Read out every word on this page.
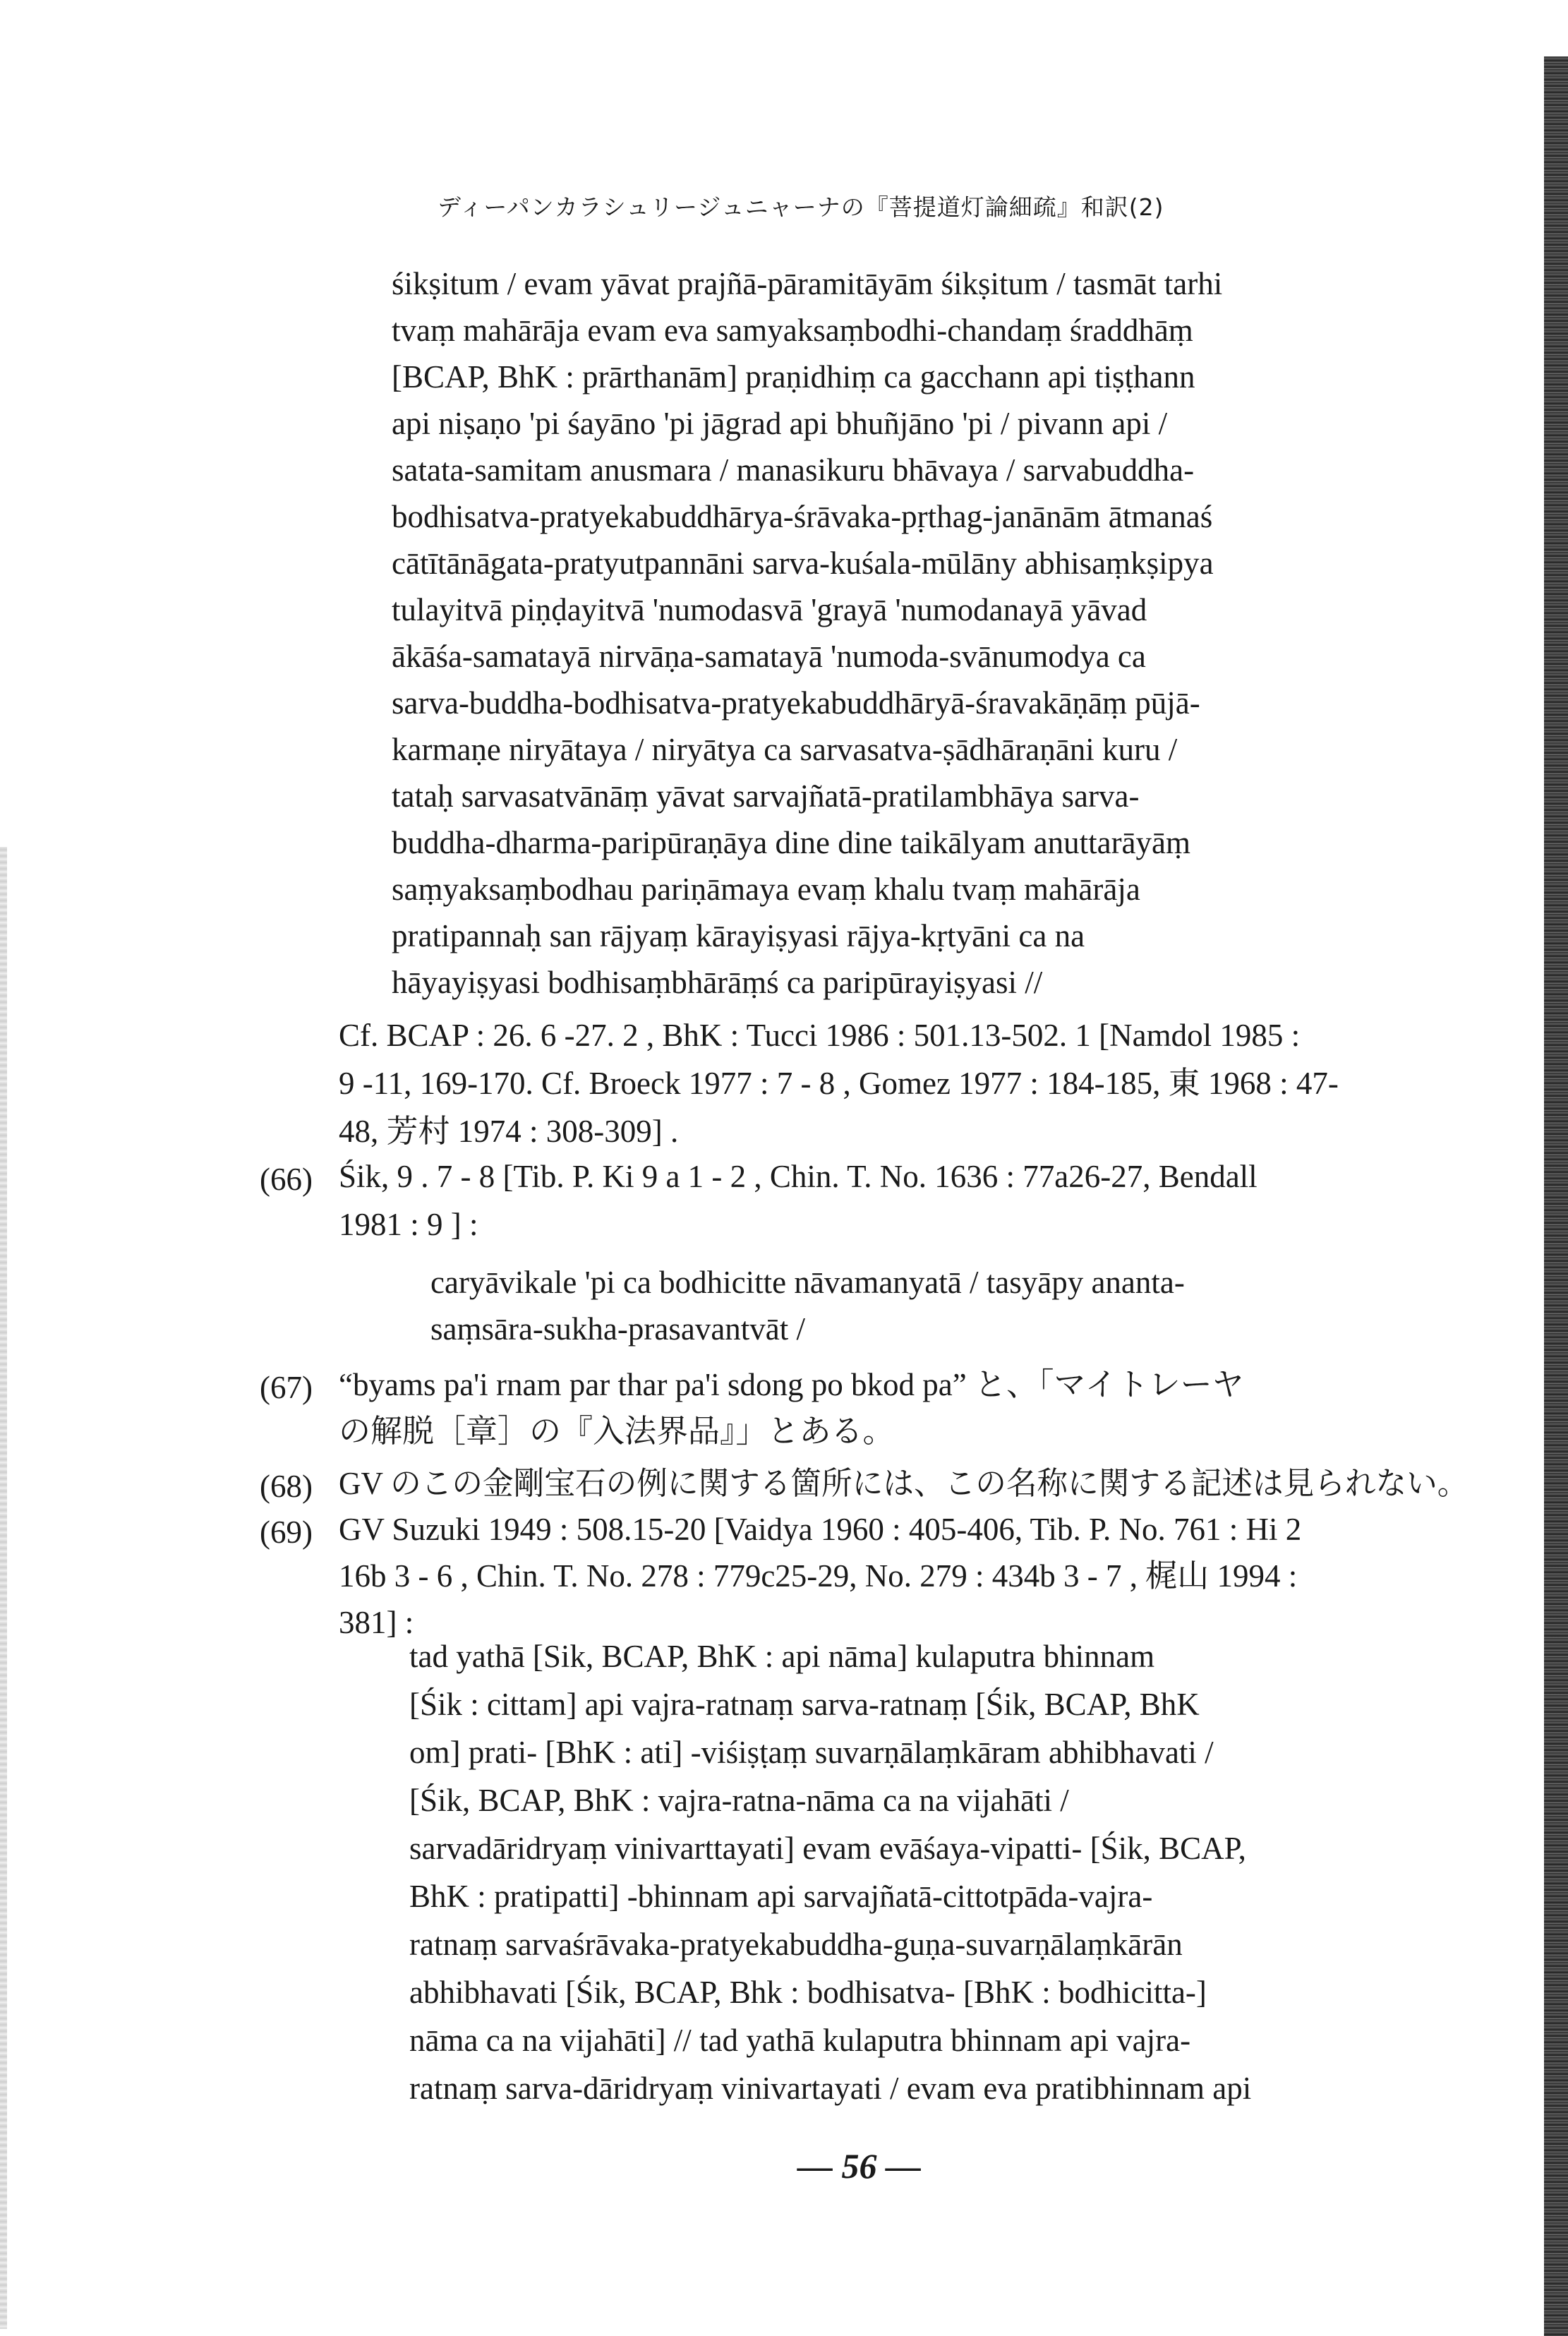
ディーパンカラシュリージュニャーナの『菩提道灯論細疏』和訳(2)
śikṣitum / evam yāvat prajñā-pāramitāyām śikṣitum / tasmāt tarhi
tvaṃ mahārāja evam eva samyaksaṃbodhi-chandaṃ śraddhāṃ
[BCAP, BhK : prārthanām] praṇidhiṃ ca gacchann api tiṣṭhann
api niṣaṇo 'pi śayāno 'pi jāgrad api bhuñjāno 'pi / pivann api /
satata-samitam anusmara / manasikuru bhāvaya / sarvabuddha-
bodhisatva-pratyekabuddhārya-śrāvaka-pṛthag-janānām ātmanaś
cātītānāgata-pratyutpannāni sarva-kuśala-mūlāny abhisaṃkṣipya
tulayitvā piṇḍayitvā 'numodasvā 'grayā 'numodanayā yāvad
ākāśa-samatayā nirvāṇa-samatayā 'numoda-svānumodya ca
sarva-buddha-bodhisatva-pratyekabuddhāryā-śravakāṇāṃ pūjā-
karmaṇe niryātaya / niryātya ca sarvasatva-ṣādhāraṇāni kuru /
tataḥ sarvasatvānāṃ yāvat sarvajñatā-pratilambhāya sarva-
buddha-dharma-paripūraṇāya dine dine taikālyam anuttarāyāṃ
saṃyaksaṃbodhau pariṇāmaya evaṃ khalu tvaṃ mahārāja
pratipannaḥ san rājyaṃ kārayiṣyasi rājya-kṛtyāni ca na
hāyayiṣyasi bodhisaṃbhārāṃś ca paripūrayiṣyasi //
Cf. BCAP : 26. 6 -27. 2 , BhK : Tucci 1986 : 501.13-502. 1 [Namdol 1985 :
9 -11, 169-170. Cf. Broeck 1977 : 7 - 8 , Gomez 1977 : 184-185, 東 1968 : 47-
48, 芳村 1974 : 308-309] .
(66) Śik, 9 . 7 - 8 [Tib. P. Ki 9 a 1 - 2 , Chin. T. No. 1636 : 77a26-27, Bendall
1981 : 9 ] :
caryāvikale 'pi ca bodhicitte nāvamanyatā / tasyāpy ananta-
saṃsāra-sukha-prasavantvāt /
(67) “byams pa'i rnam par thar pa'i sdong po bkod pa” と、「マイトレーヤ
の解脱［章］の『入法界品』」とある。
(68) GV のこの金剛宝石の例に関する箇所には、この名称に関する記述は見られない。
(69) GV Suzuki 1949 : 508.15-20 [Vaidya 1960 : 405-406, Tib. P. No. 761 : Hi 2
16b 3 - 6 , Chin. T. No. 278 : 779c25-29, No. 279 : 434b 3 - 7 , 梶山 1994 :
381] :
tad yathā [Sik, BCAP, BhK : api nāma] kulaputra bhinnam
[Śik : cittam] api vajra-ratnaṃ sarva-ratnaṃ [Śik, BCAP, BhK
om] prati- [BhK : ati] -viśiṣṭaṃ suvarṇālaṃkāram abhibhavati /
[Śik, BCAP, BhK : vajra-ratna-nāma ca na vijahāti /
sarvadāridryaṃ vinivarttayati] evam evāśaya-vipatti- [Śik, BCAP,
BhK : pratipatti] -bhinnam api sarvajñatā-cittotpāda-vajra-
ratnaṃ sarvaśrāvaka-pratyekabuddha-guṇa-suvarṇālaṃkārān
abhibhavati [Śik, BCAP, Bhk : bodhisatva- [BhK : bodhicitta-]
nāma ca na vijahāti] // tad yathā kulaputra bhinnam api vajra-
ratnaṃ sarva-dāridryaṃ vinivartayati / evam eva pratibhinnam api
— 56 —
